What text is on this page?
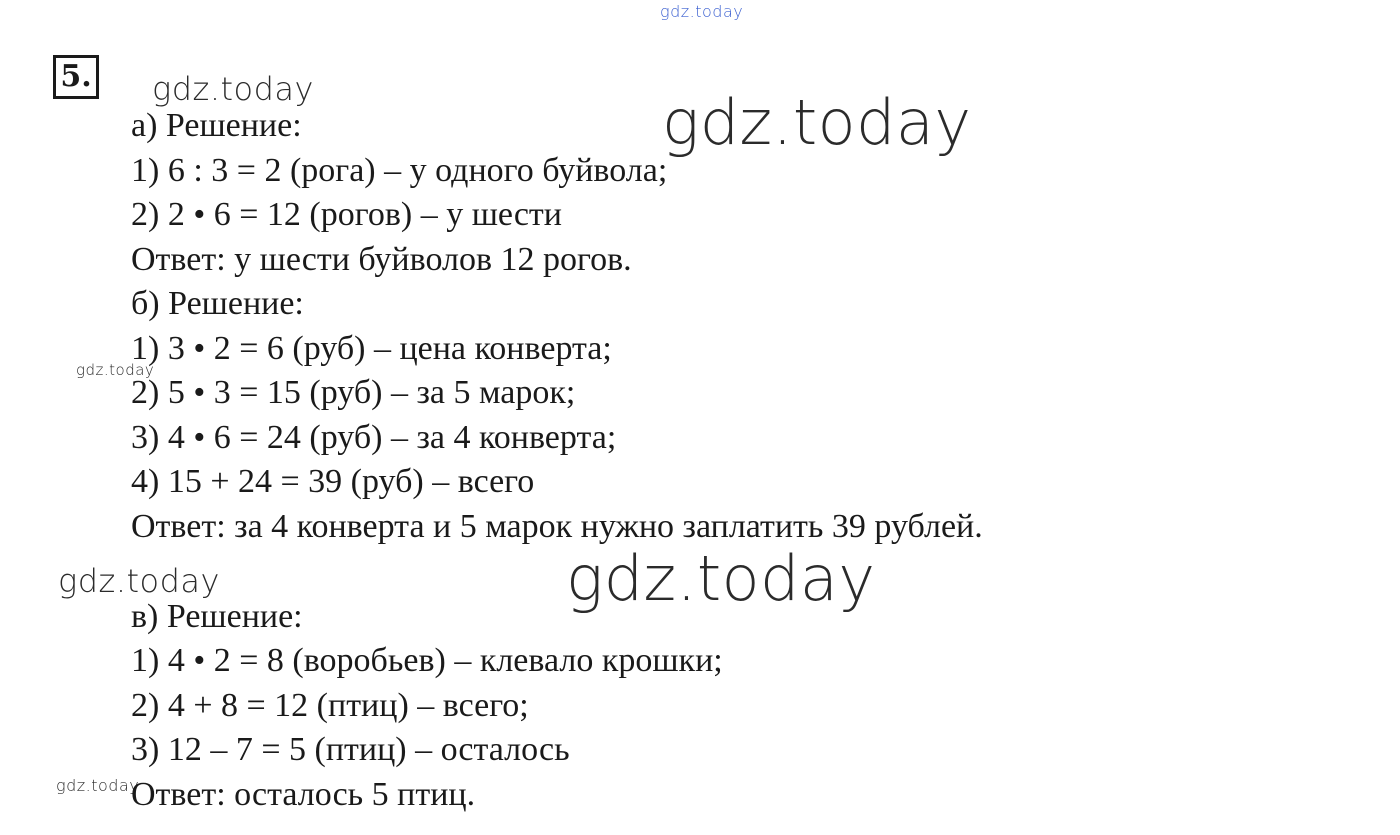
gdz.today
gdz.today	gdz.today
gdz.today
gdz.today	gdz.today
gdz.today
5.
а) Решение:
1) 6 : 3 = 2 (рога) – у одного буйвола;
2) 2 • 6 = 12 (рогов) – у шести
Ответ: у шести буйволов 12 рогов.
б) Решение:
1) 3 • 2 = 6 (руб) – цена конверта;
2) 5 • 3 = 15 (руб) – за 5 марок;
3) 4 • 6 = 24 (руб) – за 4 конверта;
4) 15 + 24 = 39 (руб) – всего
Ответ: за 4 конверта и 5 марок нужно заплатить 39 рублей.
в) Решение:
1) 4 • 2 = 8 (воробьев) – клевало крошки;
2) 4 + 8 = 12 (птиц) – всего;
3) 12 – 7 = 5 (птиц) – осталось
Ответ: осталось 5 птиц.
